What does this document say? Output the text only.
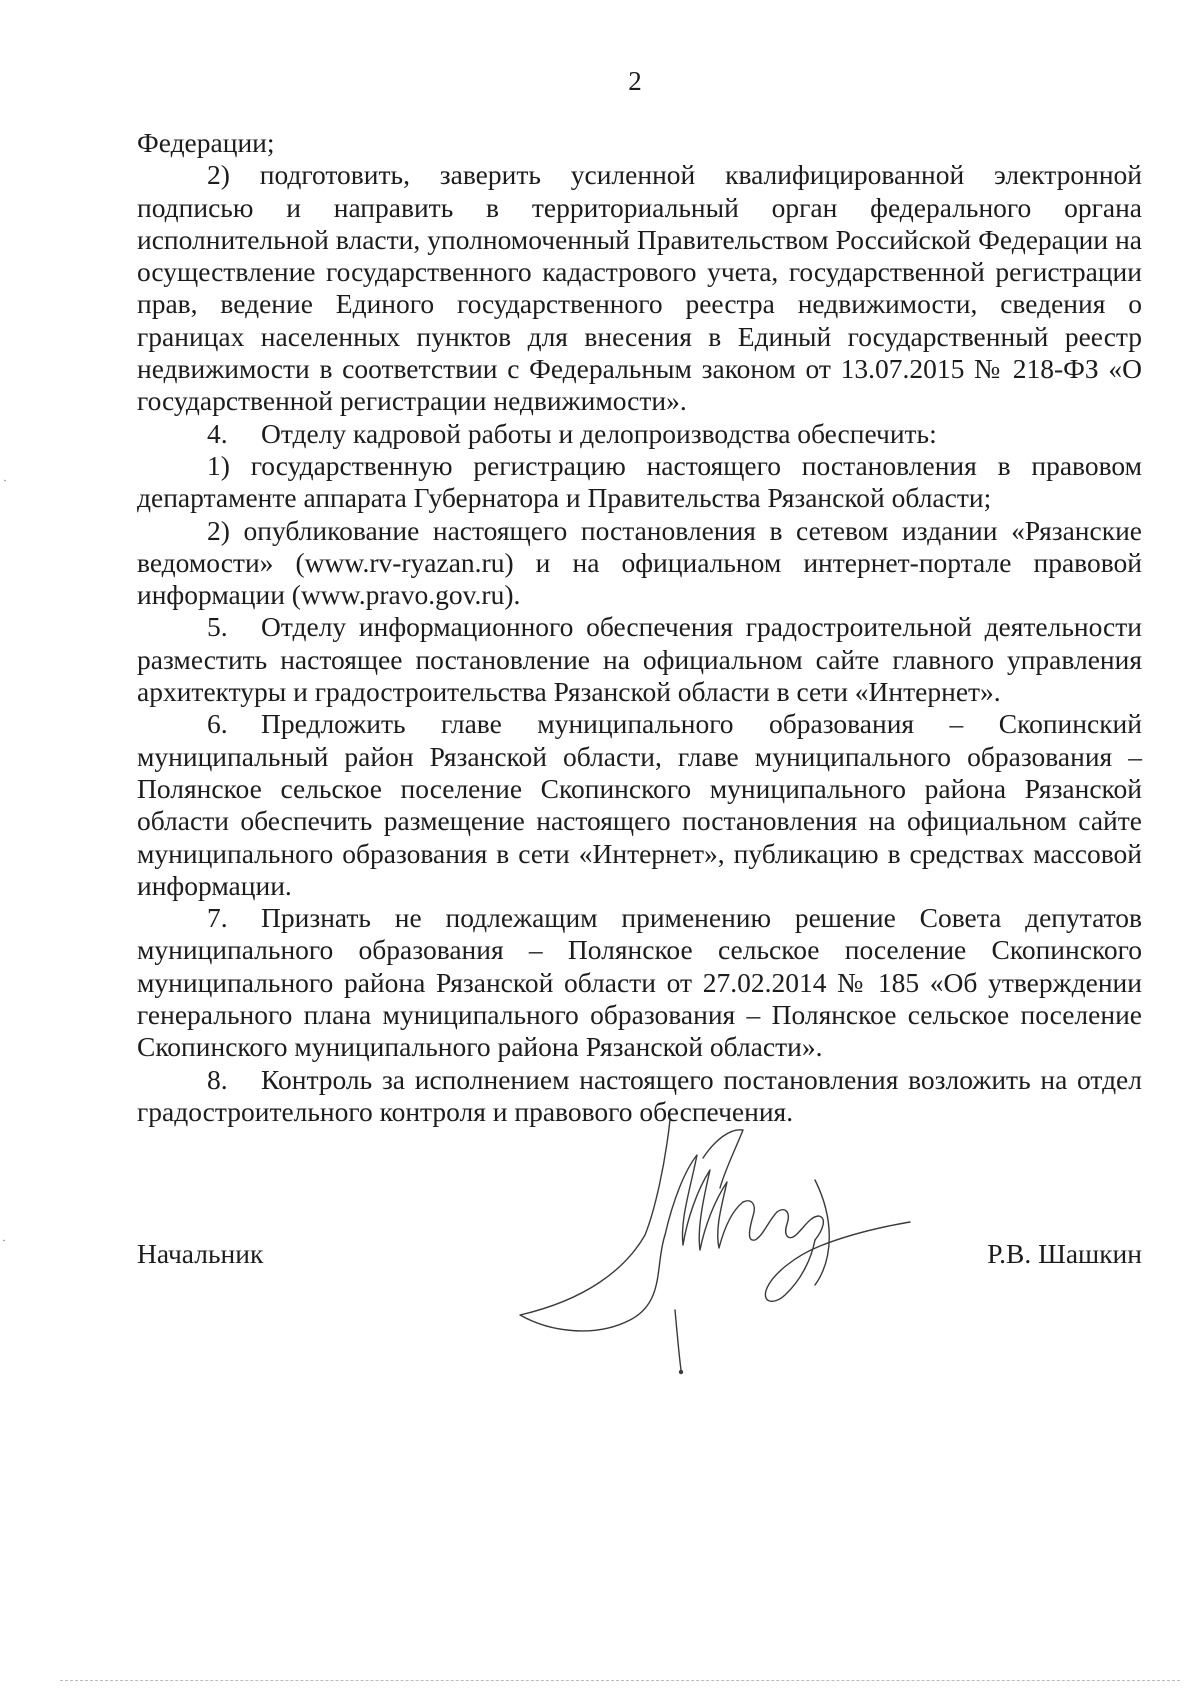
2

Федерации;

2) подготовить, заверить усиленной квалифицированной электронной подписью и направить в территориальный орган федерального органа исполнительной власти, уполномоченный Правительством Российской Федерации на осуществление государственного кадастрового учета, государственной регистрации прав, ведение Единого государственного реестра недвижимости, сведения о границах населенных пунктов для внесения в Единый государственный реестр недвижимости в соответствии с Федеральным законом от 13.07.2015 № 218-ФЗ «О государственной регистрации недвижимости».

4. Отделу кадровой работы и делопроизводства обеспечить:

1) государственную регистрацию настоящего постановления в правовом департаменте аппарата Губернатора и Правительства Рязанской области;

2) опубликование настоящего постановления в сетевом издании «Рязанские ведомости» (www.rv-ryazan.ru) и на официальном интернет-портале правовой информации (www.pravo.gov.ru).

5. Отделу информационного обеспечения градостроительной деятельности разместить настоящее постановление на официальном сайте главного управления архитектуры и градостроительства Рязанской области в сети «Интернет».

6. Предложить главе муниципального образования – Скопинский муниципальный район Рязанской области, главе муниципального образования – Полянское сельское поселение Скопинского муниципального района Рязанской области обеспечить размещение настоящего постановления на официальном сайте муниципального образования в сети «Интернет», публикацию в средствах массовой информации.

7. Признать не подлежащим применению решение Совета депутатов муниципального образования – Полянское сельское поселение Скопинского муниципального района Рязанской области от 27.02.2014 № 185 «Об утверждении генерального плана муниципального образования – Полянское сельское поселение Скопинского муниципального района Рязанской области».

8. Контроль за исполнением настоящего постановления возложить на отдел градостроительного контроля и правового обеспечения.

Начальник	Р.В. Шашкин
